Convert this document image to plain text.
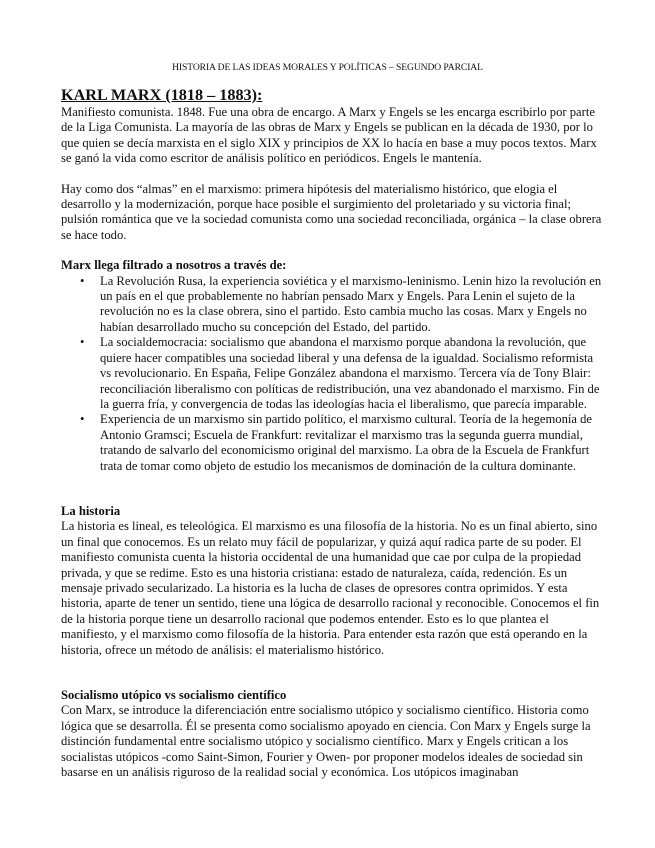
HISTORIA DE LAS IDEAS MORALES Y POLÍTICAS – SEGUNDO PARCIAL
KARL MARX (1818 – 1883):

Manifiesto comunista. 1848. Fue una obra de encargo. A Marx y Engels se les encarga escribirlo por parte de la Liga Comunista. La mayoría de las obras de Marx y Engels se publican en la década de 1930, por lo que quien se decía marxista en el siglo XIX y principios de XX lo hacía en base a muy pocos textos. Marx se ganó la vida como escritor de análisis político en periódicos. Engels le mantenía.

Hay como dos “almas” en el marxismo: primera hipótesis del materialismo histórico, que elogia el desarrollo y la modernización, porque hace posible el surgimiento del proletariado y su victoria final; pulsión romántica que ve la sociedad comunista como una sociedad reconciliada, orgánica – la clase obrera se hace todo.

Marx llega filtrado a nosotros a través de:

• La Revolución Rusa, la experiencia soviética y el marxismo-leninismo. Lenin hizo la revolución en un país en el que probablemente no habrían pensado Marx y Engels. Para Lenin el sujeto de la revolución no es la clase obrera, sino el partido. Esto cambia mucho las cosas. Marx y Engels no habían desarrollado mucho su concepción del Estado, del partido.
• La socialdemocracia: socialismo que abandona el marxismo porque abandona la revolución, que quiere hacer compatibles una sociedad liberal y una defensa de la igualdad. Socialismo reformista vs revolucionario. En España, Felipe González abandona el marxismo. Tercera vía de Tony Blair: reconciliación liberalismo con políticas de redistribución, una vez abandonado el marxismo. Fin de la guerra fría, y convergencia de todas las ideologías hacia el liberalismo, que parecía imparable.
• Experiencia de un marxismo sin partido político, el marxismo cultural. Teoría de la hegemonía de Antonio Gramsci; Escuela de Frankfurt: revitalizar el marxismo tras la segunda guerra mundial, tratando de salvarlo del economicismo original del marxismo. La obra de la Escuela de Frankfurt trata de tomar como objeto de estudio los mecanismos de dominación de la cultura dominante.

La historia

La historia es lineal, es teleológica. El marxismo es una filosofía de la historia. No es un final abierto, sino un final que conocemos. Es un relato muy fácil de popularizar, y quizá aquí radica parte de su poder. El manifiesto comunista cuenta la historia occidental de una humanidad que cae por culpa de la propiedad privada, y que se redime. Esto es una historia cristiana: estado de naturaleza, caída, redención. Es un mensaje privado secularizado. La historia es la lucha de clases de opresores contra oprimidos. Y esta historia, aparte de tener un sentido, tiene una lógica de desarrollo racional y reconocible. Conocemos el fin de la historia porque tiene un desarrollo racional que podemos entender. Esto es lo que plantea el manifiesto, y el marxismo como filosofía de la historia. Para entender esta razón que está operando en la historia, ofrece un método de análisis: el materialismo histórico.

Socialismo utópico vs socialismo científico

Con Marx, se introduce la diferenciación entre socialismo utópico y socialismo científico. Historia como lógica que se desarrolla. Él se presenta como socialismo apoyado en ciencia. Con Marx y Engels surge la distinción fundamental entre socialismo utópico y socialismo científico. Marx y Engels critican a los socialistas utópicos -como Saint-Simon, Fourier y Owen- por proponer modelos ideales de sociedad sin basarse en un análisis riguroso de la realidad social y económica. Los utópicos imaginaban
